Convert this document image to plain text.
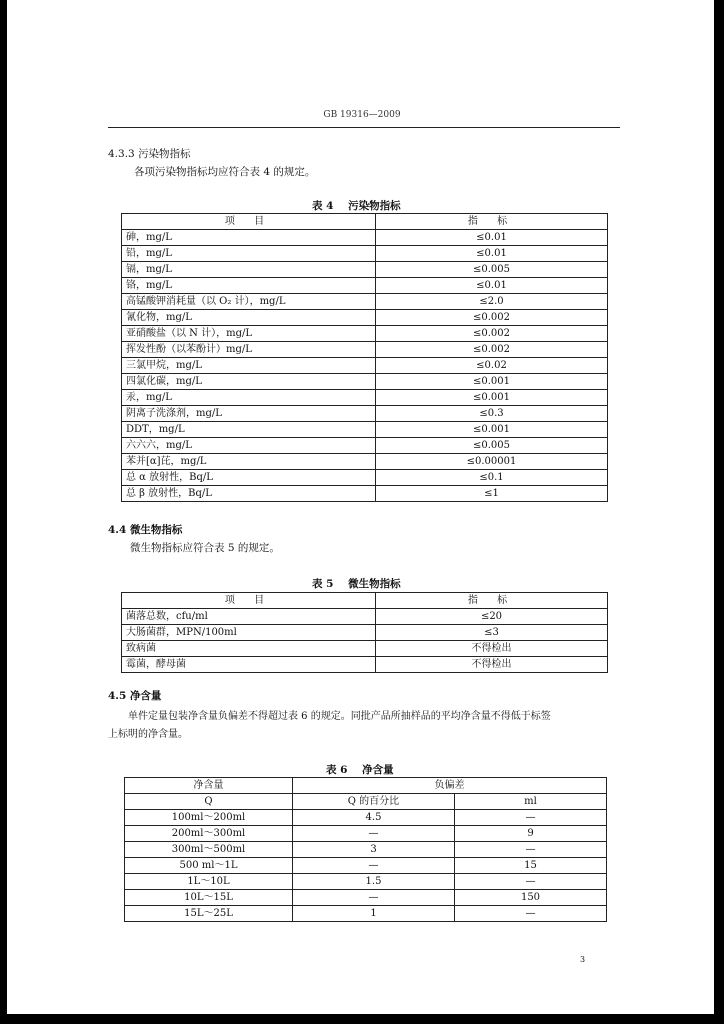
GB 19316—2009
4.3.3 污染物指标
各项污染物指标均应符合表 4 的规定。
表 4 污染物指标
项 目	指 标
砷，mg/L	≤0.01
铅，mg/L	≤0.01
镉，mg/L	≤0.005
铬，mg/L	≤0.01
高锰酸钾消耗量（以 O₂ 计），mg/L	≤2.0
氰化物，mg/L	≤0.002
亚硝酸盐（以 N 计），mg/L	≤0.002
挥发性酚（以苯酚计）mg/L	≤0.002
三氯甲烷，mg/L	≤0.02
四氯化碳，mg/L	≤0.001
汞，mg/L	≤0.001
阴离子洗涤剂，mg/L	≤0.3
DDT，mg/L	≤0.001
六六六，mg/L	≤0.005
苯并[α]芘，mg/L	≤0.00001
总 α 放射性，Bq/L	≤0.1
总 β 放射性，Bq/L	≤1
4.4 微生物指标
微生物指标应符合表 5 的规定。
表 5 微生物指标
项 目	指 标
菌落总数，cfu/ml	≤20
大肠菌群，MPN/100ml	≤3
致病菌	不得检出
霉菌，酵母菌	不得检出
4.5 净含量
单件定量包装净含量负偏差不得超过表 6 的规定。同批产品所抽样品的平均净含量不得低于标签
上标明的净含量。
表 6 净含量
净含量	负偏差	
Q	Q 的百分比	ml
100ml～200ml	4.5	—
200ml～300ml	—	9
300ml～500ml	3	—
500 ml～1L	—	15
1L～10L	1.5	—
10L～15L	—	150
15L～25L	1	—
3
